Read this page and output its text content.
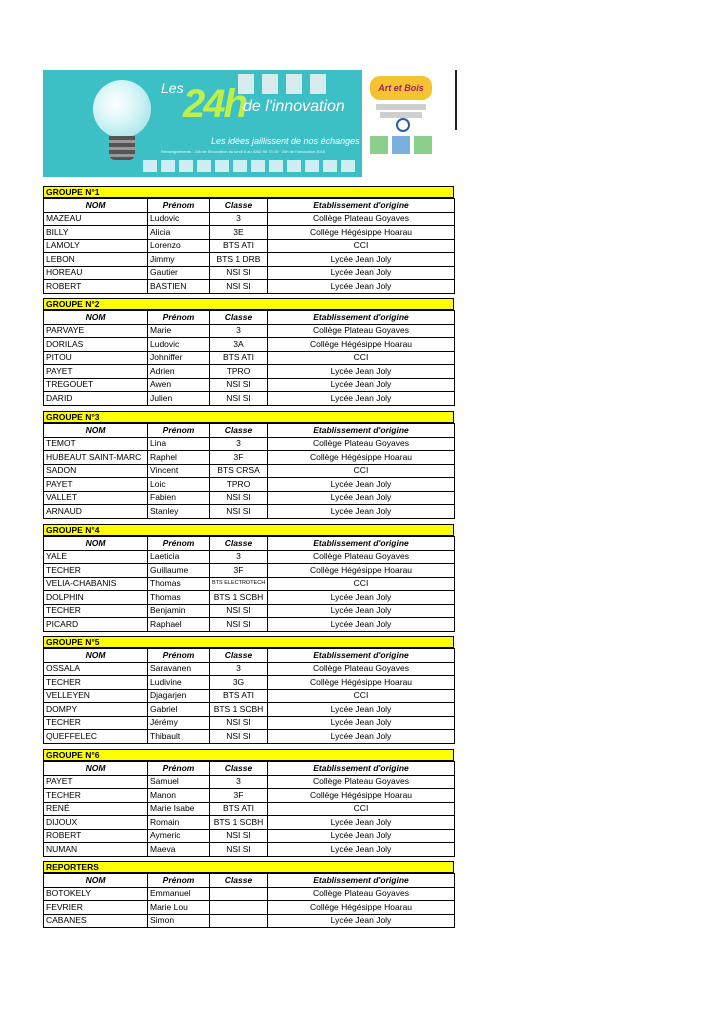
Les 24h
de l'innovation
Les idées jaillissent de nos échanges
Renseignements : 24h de l'innovation du lundi 8 au 0262 96 73 10 · 24h de l'innovation 2016
Art et Bois
GROUPE N°1
NOM	Prénom	Classe	Etablissement d'origine
MAZEAU	Ludovic	3	Collège Plateau Goyaves
BILLY	Alicia	3E	Collège Hégésippe Hoarau
LAMOLY	Lorenzo	BTS ATI	CCI
LEBON	Jimmy	BTS 1 DRB	Lycée Jean Joly
HOREAU	Gautier	NSI SI	Lycée Jean Joly
ROBERT	BASTIEN	NSI SI	Lycée Jean Joly
GROUPE N°2
NOM	Prénom	Classe	Etablissement d'origine
PARVAYE	Marie	3	Collège Plateau Goyaves
DORILAS	Ludovic	3A	Collège Hégésippe Hoarau
PITOU	Johniffer	BTS ATI	CCI
PAYET	Adrien	TPRO	Lycée Jean Joly
TREGOUET	Awen	NSI SI	Lycée Jean Joly
DARID	Julien	NSI SI	Lycée Jean Joly
GROUPE N°3
NOM	Prénom	Classe	Etablissement d'origine
TEMOT	Lina	3	Collège Plateau Goyaves
HUBEAUT SAINT-MARC	Raphel	3F	Collège Hégésippe Hoarau
SADON	Vincent	BTS CRSA	CCI
PAYET	Loic	TPRO	Lycée Jean Joly
VALLET	Fabien	NSI SI	Lycée Jean Joly
ARNAUD	Stanley	NSI SI	Lycée Jean Joly
GROUPE N°4
NOM	Prénom	Classe	Etablissement d'origine
YALE	Laeticia	3	Collège Plateau Goyaves
TECHER	Guillaume	3F	Collège Hégésippe Hoarau
VELIA-CHABANIS	Thomas	BTS ELECTROTECH	CCI
DOLPHIN	Thomas	BTS 1 SCBH	Lycée Jean Joly
TECHER	Benjamin	NSI SI	Lycée Jean Joly
PICARD	Raphael	NSI SI	Lycée Jean Joly
GROUPE N°5
NOM	Prénom	Classe	Etablissement d'origine
OSSALA	Saravanen	3	Collège Plateau Goyaves
TECHER	Ludivine	3G	Collège Hégésippe Hoarau
VELLEYEN	Djagarjen	BTS ATI	CCI
DOMPY	Gabriel	BTS 1 SCBH	Lycée Jean Joly
TECHER	Jérémy	NSI SI	Lycée Jean Joly
QUEFFELEC	Thibault	NSI SI	Lycée Jean Joly
GROUPE N°6
NOM	Prénom	Classe	Etablissement d'origine
PAYET	Samuel	3	Collège Plateau Goyaves
TECHER	Manon	3F	Collège Hégésippe Hoarau
RENÉ	Marie Isabe	BTS ATI	CCI
DIJOUX	Romain	BTS 1 SCBH	Lycée Jean Joly
ROBERT	Aymeric	NSI SI	Lycée Jean Joly
NUMAN	Maeva	NSI SI	Lycée Jean Joly
REPORTERS
NOM	Prénom	Classe	Etablissement d'origine
BOTOKELY	Emmanuel		Collège Plateau Goyaves
FEVRIER	Marie Lou		Collège Hégésippe Hoarau
CABANES	Simon		Lycée Jean Joly
